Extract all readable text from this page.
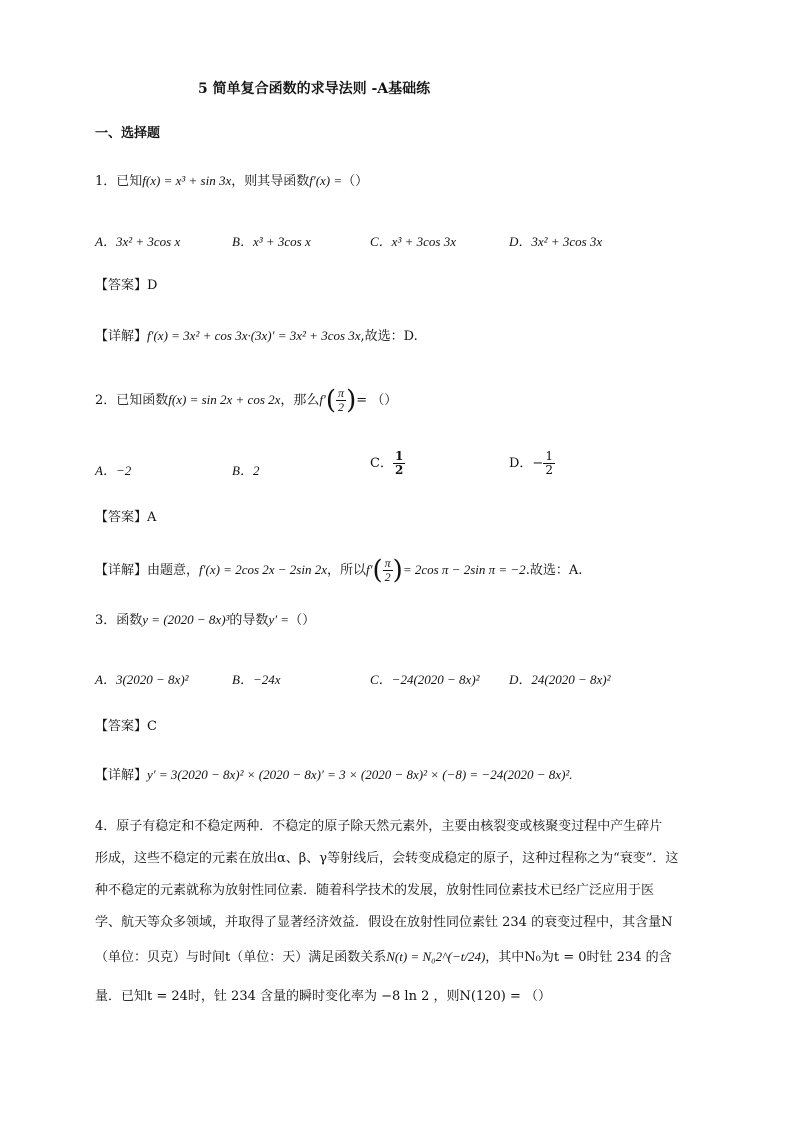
5 简单复合函数的求导法则 -A基础练
一、选择题
1．已知f(x) = x³ + sin 3x，则其导函数f′(x) =（）
A．3x² + 3cos x	B．x³ + 3cos x	C．x³ + 3cos 3x	D．3x² + 3cos 3x
【答案】D
【详解】f′(x) = 3x² + cos 3x·(3x)′ = 3x² + 3cos 3x,故选：D.
2．已知函数f(x) = sin 2x + cos 2x，那么$f'( \frac{\pi}{2}$ )= （）
A．−2	B．2	C． $\frac{1}{2}$	D．− $\frac{1}{2}$
【答案】A
【详解】由题意，f′(x) = 2cos 2x − 2sin 2x，所以$f'( \frac{\pi}{2}$ )= 2cos π − 2sin π = −2.故选：A.
3．函数y = (2020 − 8x)³的导数y′ =（）
A．3(2020 − 8x)²	B．−24x	C．−24(2020 − 8x)² D．24(2020 − 8x)²
【答案】C
【详解】y′ = 3(2020 − 8x)² × (2020 − 8x)′ = 3 × (2020 − 8x)² × (−8) = −24(2020 − 8x)².
4．原子有稳定和不稳定两种．不稳定的原子除天然元素外，主要由核裂变或核聚变过程中产生碎片
形成，这些不稳定的元素在放出α、β、γ等射线后，会转变成稳定的原子，这种过程称之为“衰变”．这
种不稳定的元素就称为放射性同位素．随着科学技术的发展，放射性同位素技术已经广泛应用于医
学、航天等众多领域，并取得了显著经济效益．假设在放射性同位素钍 234 的衰变过程中，其含量N
（单位：贝克）与时间t（单位：天）满足函数关系N(t) = N₀2^(−t/24)，其中N₀为t = 0时钍 234 的含
量．已知t = 24时，钍 234 含量的瞬时变化率为 −8 ln 2 ，则N(120) = （）
